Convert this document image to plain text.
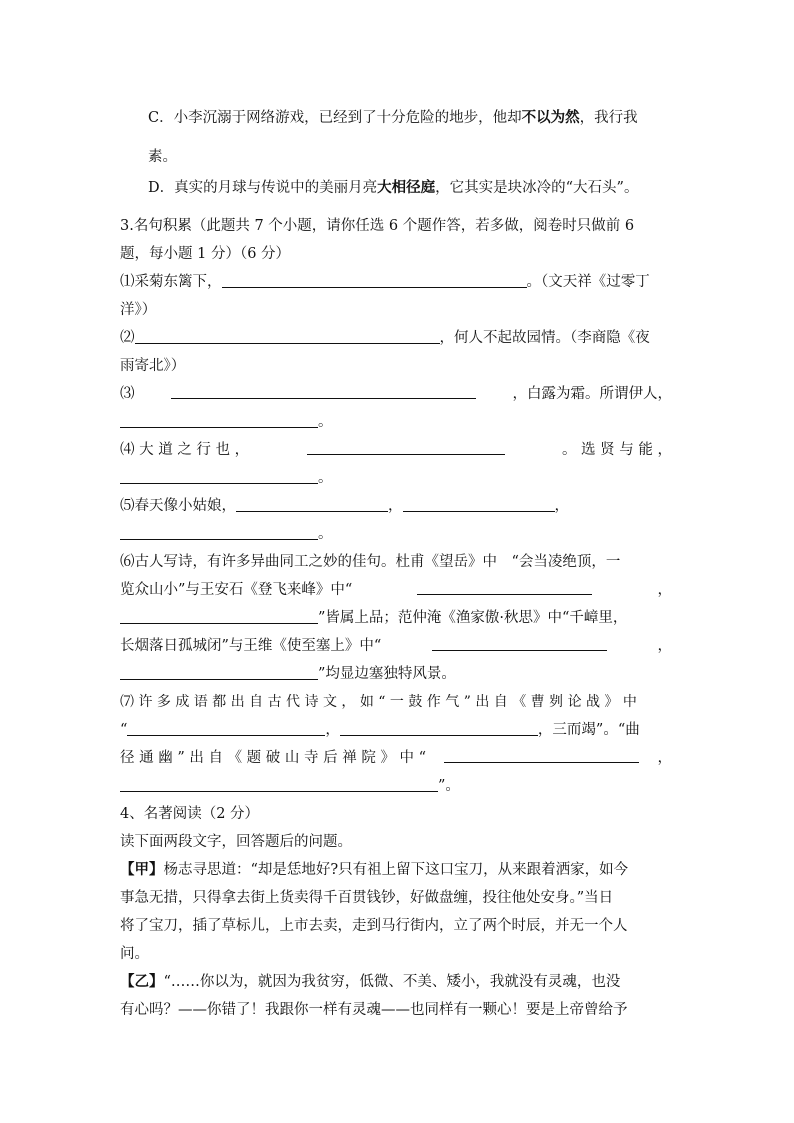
C．小李沉溺于网络游戏，已经到了十分危险的地步，他却不以为然，我行我
素。
D．真实的月球与传说中的美丽月亮大相径庭，它其实是块冰冷的“大石头”。
3.名句积累（此题共 7 个小题，请你任选 6 个题作答，若多做，阅卷时只做前 6
题，每小题 1 分）（6 分）
⑴采菊东篱下，	。（文天祥《过零丁
洋》）
⑵	，何人不起故园情。（李商隐《夜
雨寄北》）
⑶	，白露为霜。所谓伊人，
。
⑷ 大 道 之 行 也 ，	。 选 贤 与 能 ，
。
⑸春天像小姑娘，	，	，
。
⑹古人写诗，有许多异曲同工之妙的佳句。杜甫《望岳》中　“会当凌绝顶，一
览众山小”与王安石《登飞来峰》中“	，
”皆属上品；范仲淹《渔家傲·秋思》中“千嶂里，
长烟落日孤城闭”与王维《使至塞上》中“	，
”均显边塞独特风景。
⑺ 许 多 成 语 都 出 自 古 代 诗 文 ， 如 “ 一 鼓 作 气 ” 出 自 《 曹 刿 论 战 》 中
“	，	，三而竭”。“曲
径 通 幽 ” 出 自 《 题 破 山 寺 后 禅 院 》 中 “	，
”。
4、名著阅读（2 分）
读下面两段文字，回答题后的问题。
【甲】杨志寻思道：“却是恁地好?只有祖上留下这口宝刀，从来跟着洒家，如今
事急无措，只得拿去街上货卖得千百贯钱钞，好做盘缠，投往他处安身。”当日
将了宝刀，插了草标儿，上市去卖，走到马行街内，立了两个时辰，并无一个人
问。
【乙】“……你以为，就因为我贫穷，低微、不美、矮小，我就没有灵魂，也没
有心吗？——你错了！我跟你一样有灵魂——也同样有一颗心！要是上帝曾给予
